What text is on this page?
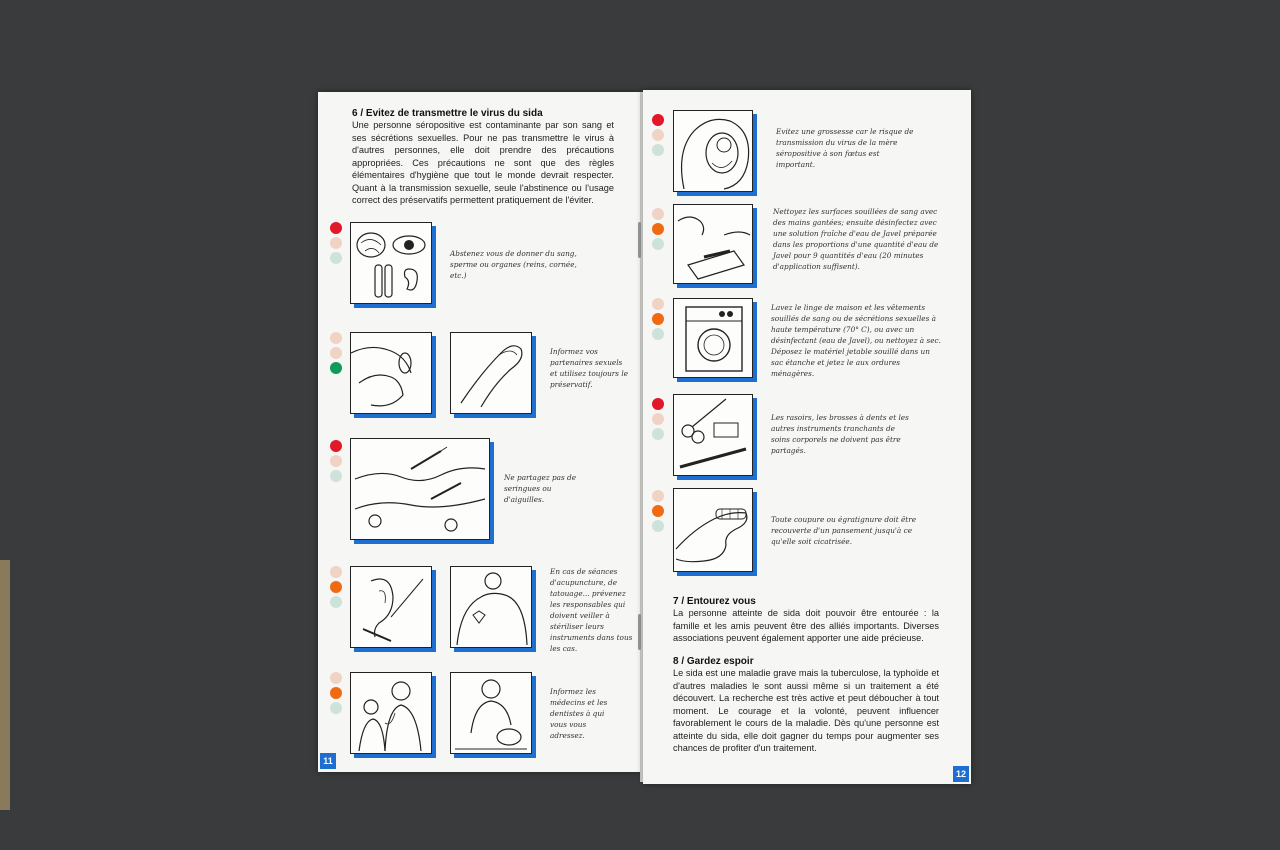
6 / Evitez de transmettre le virus du sida

Une personne séropositive est contaminante par son sang et ses sécrétions sexuelles. Pour ne pas transmettre le virus à d'autres personnes, elle doit prendre des précautions appropriées. Ces précautions ne sont que des règles élémentaires d'hygiène que tout le monde devrait respecter. Quant à la transmission sexuelle, seule l'abstinence ou l'usage correct des préservatifs permettent pratiquement de l'éviter.

Abstenez vous de donner du sang, sperme ou organes (reins, cornée, etc.)
Informez vos partenaires sexuels et utilisez toujours le préservatif.
Ne partagez pas de seringues ou d'aiguilles.
En cas de séances d'acupuncture, de tatouage... prévenez les responsables qui doivent veiller à stériliser leurs instruments dans tous les cas.
Informez les médecins et les dentistes à qui vous vous adressez.
11
Evitez une grossesse car le risque de transmission du virus de la mère séropositive à son fœtus est important.
Nettoyez les surfaces souillées de sang avec des mains gantées; ensuite désinfectez avec une solution fraîche d'eau de Javel préparée dans les proportions d'une quantité d'eau de Javel pour 9 quantités d'eau (20 minutes d'application suffisent).
Lavez le linge de maison et les vêtements souillés de sang ou de sécrétions sexuelles à haute température (70° C), ou avec un désinfectant (eau de Javel), ou nettoyez à sec. Déposez le matériel jetable souillé dans un sac étanche et jetez le aux ordures ménagères.
Les rasoirs, les brosses à dents et les autres instruments tranchants de soins corporels ne doivent pas être partagés.
Toute coupure ou égratignure doit être recouverte d'un pansement jusqu'à ce qu'elle soit cicatrisée.
7 / Entourez vous

La personne atteinte de sida doit pouvoir être entourée : la famille et les amis peuvent être des alliés importants. Diverses associations peuvent également apporter une aide précieuse.

8 / Gardez espoir

Le sida est une maladie grave mais la tuberculose, la typhoïde et d'autres maladies le sont aussi même si un traitement a été découvert. La recherche est très active et peut déboucher à tout moment. Le courage et la volonté, peuvent influencer favorablement le cours de la maladie. Dès qu'une personne est atteinte du sida, elle doit gagner du temps pour augmenter ses chances de profiter d'un traitement.

12
